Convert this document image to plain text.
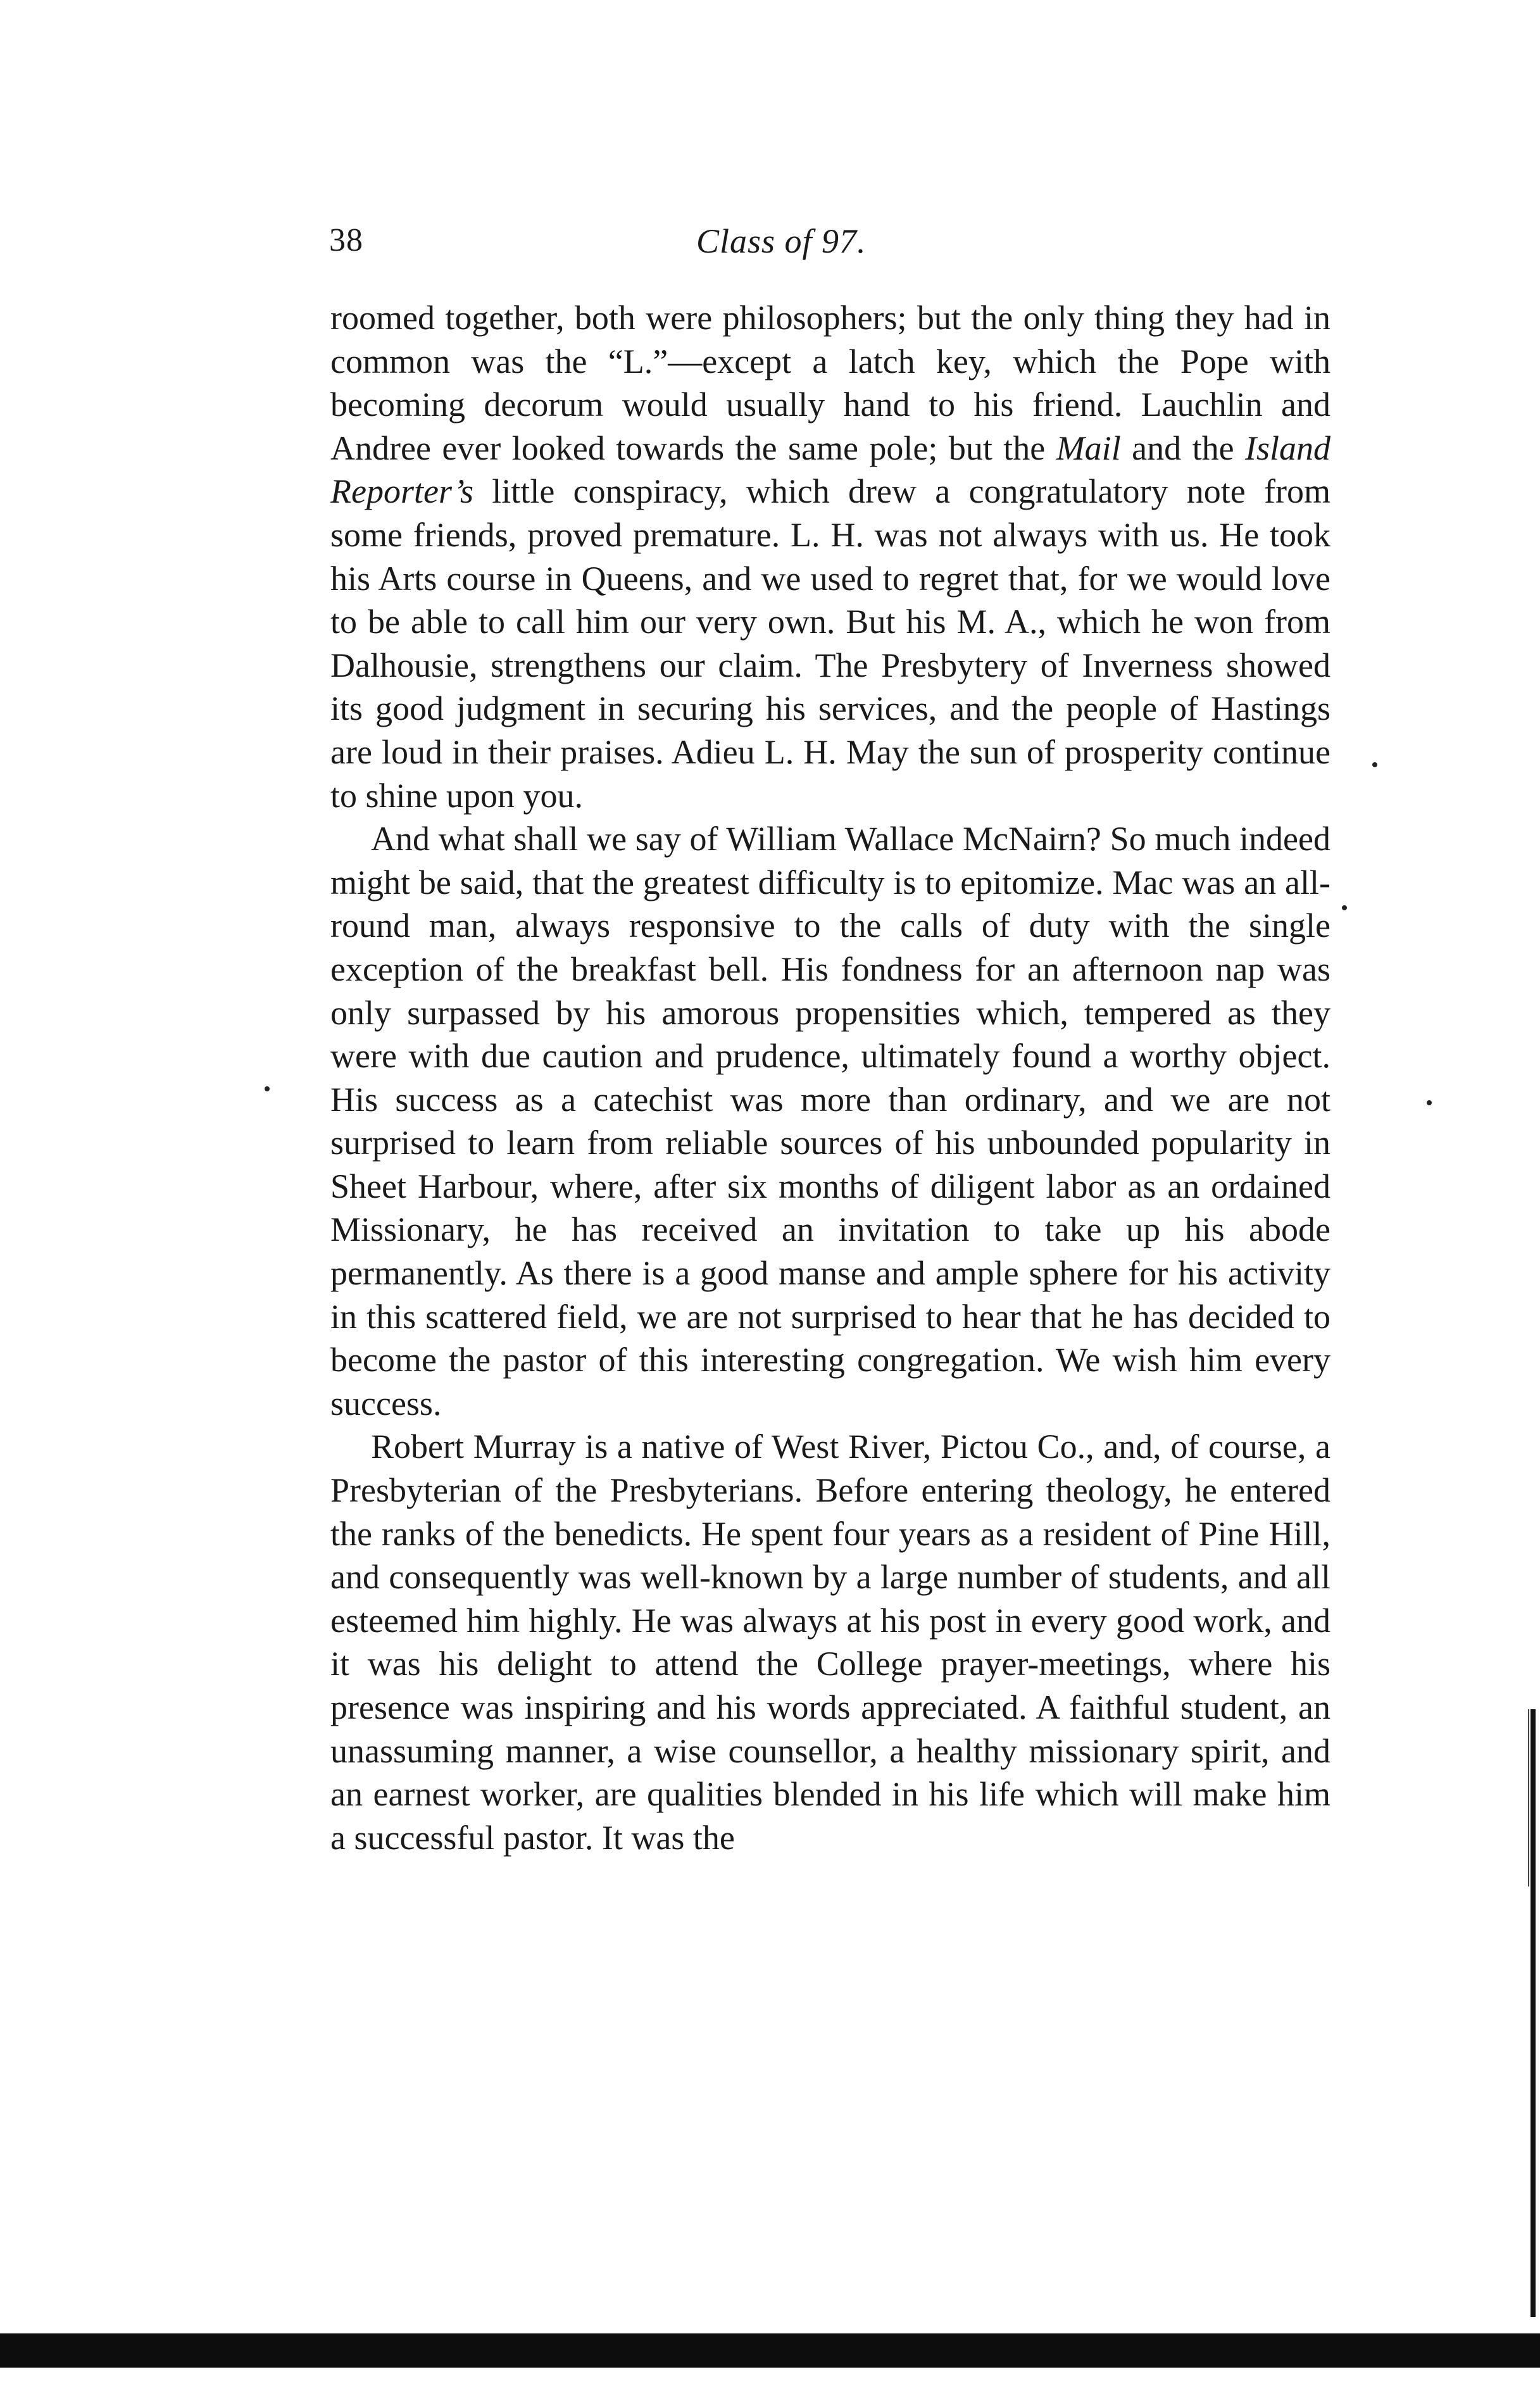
38	Class of 97.

roomed together, both were philosophers; but the only thing they had in common was the “L.”—except a latch key, which the Pope with becoming decorum would usually hand to his friend. Lauchlin and Andree ever looked towards the same pole; but the Mail and the Island Reporter’s little conspiracy, which drew a congratulatory note from some friends, proved premature. L. H. was not always with us. He took his Arts course in Queens, and we used to regret that, for we would love to be able to call him our very own. But his M. A., which he won from Dalhousie, strengthens our claim. The Presbytery of Inverness showed its good judgment in securing his services, and the people of Hastings are loud in their praises. Adieu L. H. May the sun of prosperity continue to shine upon you.

And what shall we say of William Wallace McNairn? So much indeed might be said, that the greatest difficulty is to epitomize. Mac was an all-round man, always responsive to the calls of duty with the single exception of the breakfast bell. His fondness for an afternoon nap was only surpassed by his amorous propensities which, tempered as they were with due caution and prudence, ultimately found a worthy object. His success as a catechist was more than ordinary, and we are not surprised to learn from reliable sources of his unbounded popularity in Sheet Harbour, where, after six months of diligent labor as an ordained Missionary, he has received an invitation to take up his abode permanently. As there is a good manse and ample sphere for his activity in this scattered field, we are not surprised to hear that he has decided to become the pastor of this interesting congregation. We wish him every success.

Robert Murray is a native of West River, Pictou Co., and, of course, a Presbyterian of the Presbyterians. Before entering theology, he entered the ranks of the benedicts. He spent four years as a resident of Pine Hill, and consequently was well-known by a large number of students, and all esteemed him highly. He was always at his post in every good work, and it was his delight to attend the College prayer-meetings, where his presence was inspiring and his words appreciated. A faithful student, an unassuming manner, a wise counsellor, a healthy missionary spirit, and an earnest worker, are qualities blended in his life which will make him a successful pastor. It was the
